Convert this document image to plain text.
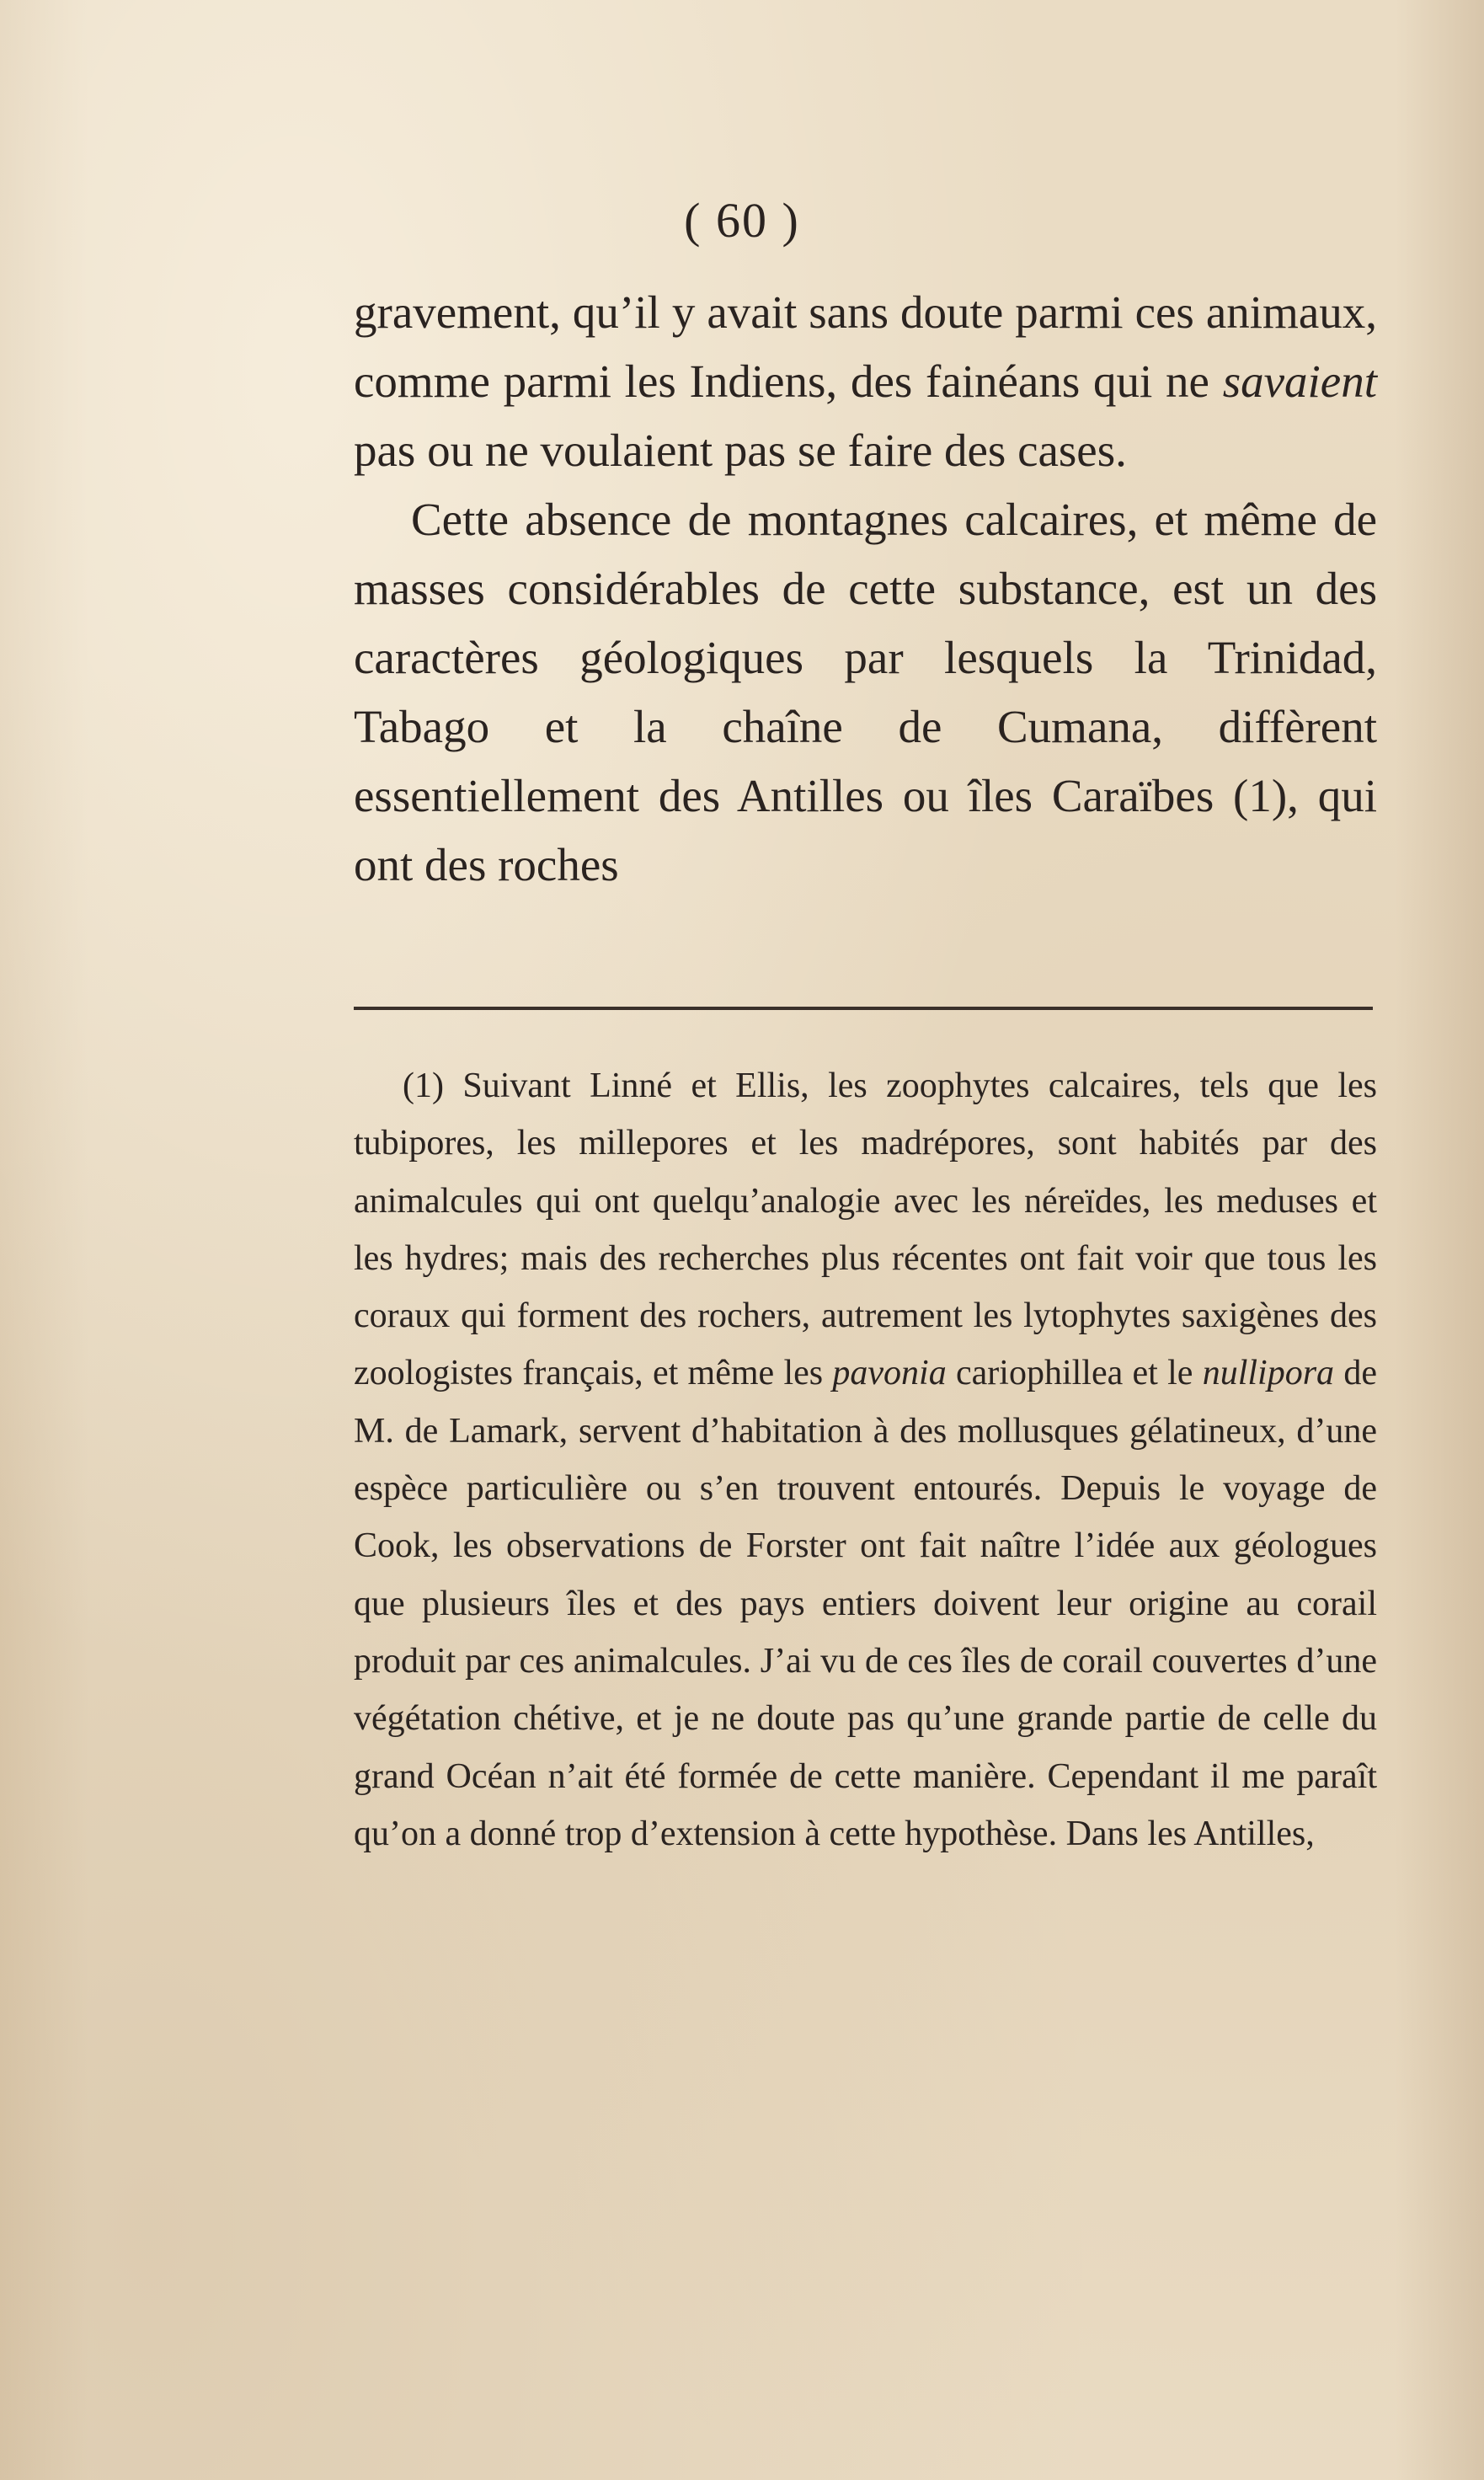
( 60 )

gravement, qu’il y avait sans doute parmi ces animaux, comme parmi les Indiens, des fainéans qui ne savaient pas ou ne voulaient pas se faire des cases.

Cette absence de montagnes calcaires, et même de masses considérables de cette substance, est un des caractères géologiques par lesquels la Trinidad, Tabago et la chaîne de Cumana, diffèrent essentiellement des Antilles ou îles Caraïbes (1), qui ont des roches

(1) Suivant Linné et Ellis, les zoophytes calcaires, tels que les tubipores, les millepores et les madrépores, sont habités par des animalcules qui ont quelqu’analogie avec les néreïdes, les meduses et les hydres; mais des recherches plus récentes ont fait voir que tous les coraux qui forment des rochers, autrement les lytophytes saxigènes des zoologistes français, et même les pavonia cariophillea et le nullipora de M. de Lamark, servent d’habitation à des mollusques gélatineux, d’une espèce particulière ou s’en trouvent entourés. Depuis le voyage de Cook, les observations de Forster ont fait naître l’idée aux géologues que plusieurs îles et des pays entiers doivent leur origine au corail produit par ces animalcules. J’ai vu de ces îles de corail couvertes d’une végétation chétive, et je ne doute pas qu’une grande partie de celle du grand Océan n’ait été formée de cette manière. Cependant il me paraît qu’on a donné trop d’extension à cette hypothèse. Dans les Antilles,
